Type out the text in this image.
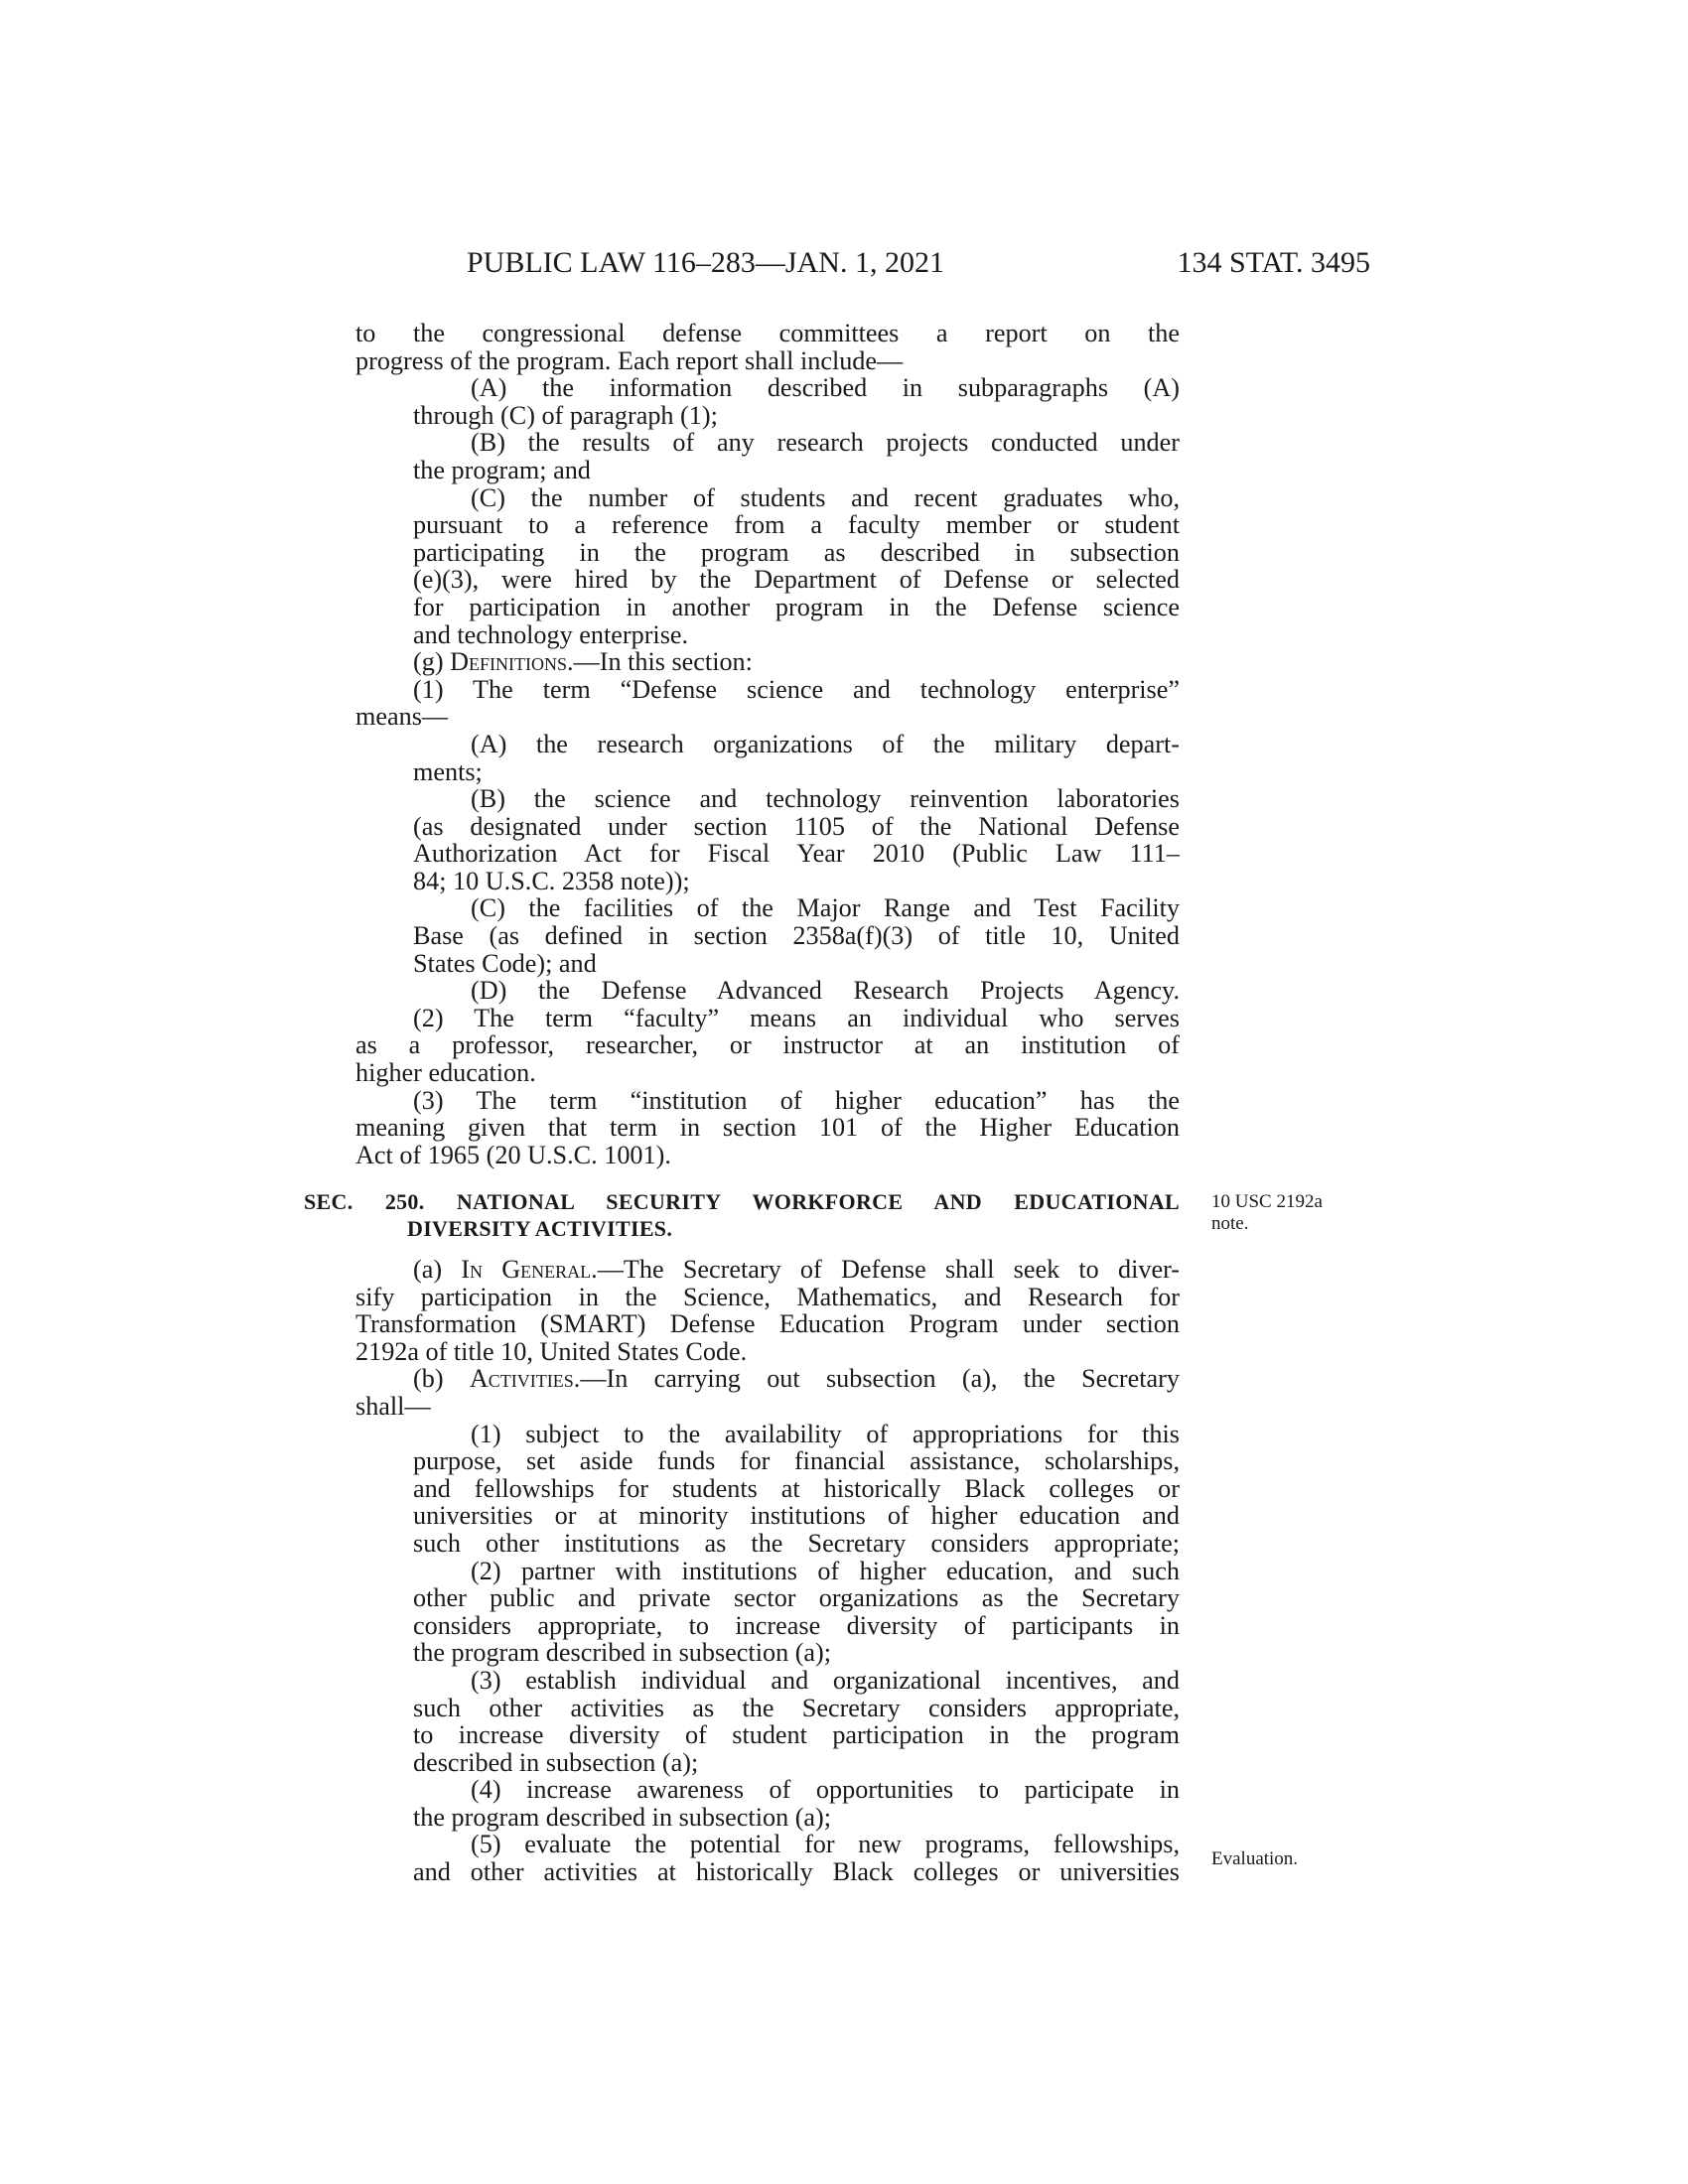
PUBLIC LAW 116–283—JAN. 1, 2021	134 STAT. 3495
to the congressional defense committees a report on the
progress of the program. Each report shall include—
(A) the information described in subparagraphs (A)
through (C) of paragraph (1);
(B) the results of any research projects conducted under
the program; and
(C) the number of students and recent graduates who,
pursuant to a reference from a faculty member or student
participating in the program as described in subsection
(e)(3), were hired by the Department of Defense or selected
for participation in another program in the Defense science
and technology enterprise.
(g) Definitions.—In this section:
(1) The term “Defense science and technology enterprise”
means—
(A) the research organizations of the military depart-
ments;
(B) the science and technology reinvention laboratories
(as designated under section 1105 of the National Defense
Authorization Act for Fiscal Year 2010 (Public Law 111–
84; 10 U.S.C. 2358 note));
(C) the facilities of the Major Range and Test Facility
Base (as defined in section 2358a(f)(3) of title 10, United
States Code); and
(D) the Defense Advanced Research Projects Agency.
(2) The term “faculty” means an individual who serves
as a professor, researcher, or instructor at an institution of
higher education.
(3) The term “institution of higher education” has the
meaning given that term in section 101 of the Higher Education
Act of 1965 (20 U.S.C. 1001).
SEC. 250. NATIONAL SECURITY WORKFORCE AND EDUCATIONAL
DIVERSITY ACTIVITIES.
10 USC 2192a
note.
(a) In General.—The Secretary of Defense shall seek to diver-
sify participation in the Science, Mathematics, and Research for
Transformation (SMART) Defense Education Program under section
2192a of title 10, United States Code.
(b) Activities.—In carrying out subsection (a), the Secretary
shall—
(1) subject to the availability of appropriations for this
purpose, set aside funds for financial assistance, scholarships,
and fellowships for students at historically Black colleges or
universities or at minority institutions of higher education and
such other institutions as the Secretary considers appropriate;
(2) partner with institutions of higher education, and such
other public and private sector organizations as the Secretary
considers appropriate, to increase diversity of participants in
the program described in subsection (a);
(3) establish individual and organizational incentives, and
such other activities as the Secretary considers appropriate,
to increase diversity of student participation in the program
described in subsection (a);
(4) increase awareness of opportunities to participate in
the program described in subsection (a);
(5) evaluate the potential for new programs, fellowships,
and other activities at historically Black colleges or universities Evaluation.
